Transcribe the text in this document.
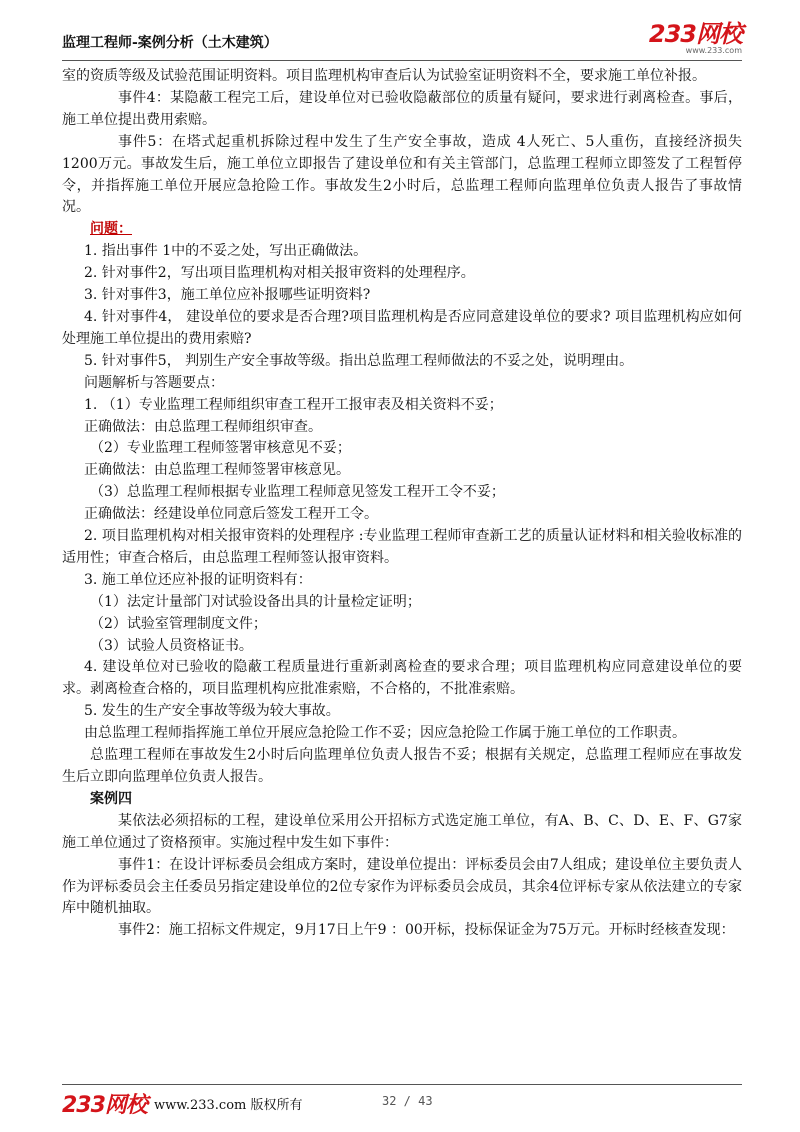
监理工程师-案例分析（土木建筑）	233网校
www.233.com

室的资质等级及试验范围证明资料。项目监理机构审查后认为试验室证明资料不全，要求施工单位补报。

事件4：某隐蔽工程完工后，建设单位对已验收隐蔽部位的质量有疑问，要求进行剥离检查。事后，施工单位提出费用索赔。

事件5：在塔式起重机拆除过程中发生了生产安全事故，造成 4人死亡、5人重伤，直接经济损失1200万元。事故发生后，施工单位立即报告了建设单位和有关主管部门，总监理工程师立即签发了工程暂停令，并指挥施工单位开展应急抢险工作。事故发生2小时后，总监理工程师向监理单位负责人报告了事故情况。

问题：

1. 指出事件 1中的不妥之处，写出正确做法。

2. 针对事件2，写出项目监理机构对相关报审资料的处理程序。

3. 针对事件3，施工单位应补报哪些证明资料?

4. 针对事件4， 建设单位的要求是否合理?项目监理机构是否应同意建设单位的要求? 项目监理机构应如何处理施工单位提出的费用索赔?

5. 针对事件5， 判别生产安全事故等级。指出总监理工程师做法的不妥之处，说明理由。

问题解析与答题要点：

1. （1）专业监理工程师组织审查工程开工报审表及相关资料不妥；

正确做法：由总监理工程师组织审查。

（2）专业监理工程师签署审核意见不妥；

正确做法：由总监理工程师签署审核意见。

（3）总监理工程师根据专业监理工程师意见签发工程开工令不妥；

正确做法：经建设单位同意后签发工程开工令。

2. 项目监理机构对相关报审资料的处理程序 :专业监理工程师审查新工艺的质量认证材料和相关验收标准的适用性；审查合格后，由总监理工程师签认报审资料。

3. 施工单位还应补报的证明资料有：

（1）法定计量部门对试验设备出具的计量检定证明；

（2）试验室管理制度文件；

（3）试验人员资格证书。

4. 建设单位对已验收的隐蔽工程质量进行重新剥离检查的要求合理；项目监理机构应同意建设单位的要求。剥离检查合格的，项目监理机构应批准索赔，不合格的，不批准索赔。

5. 发生的生产安全事故等级为较大事故。

由总监理工程师指挥施工单位开展应急抢险工作不妥；因应急抢险工作属于施工单位的工作职责。

总监理工程师在事故发生2小时后向监理单位负责人报告不妥；根据有关规定，总监理工程师应在事故发生后立即向监理单位负责人报告。

案例四

某依法必须招标的工程，建设单位采用公开招标方式选定施工单位，有A、B、C、D、E、F、G7家施工单位通过了资格预审。实施过程中发生如下事件：

事件1：在设计评标委员会组成方案时，建设单位提出：评标委员会由7人组成；建设单位主要负责人作为评标委员会主任委员另指定建设单位的2位专家作为评标委员会成员，其余4位评标专家从依法建立的专家库中随机抽取。

事件2：施工招标文件规定，9月17日上午9 ：00开标，投标保证金为75万元。开标时经核查发现：

233网校 www.233.com 版权所有	32 / 43
